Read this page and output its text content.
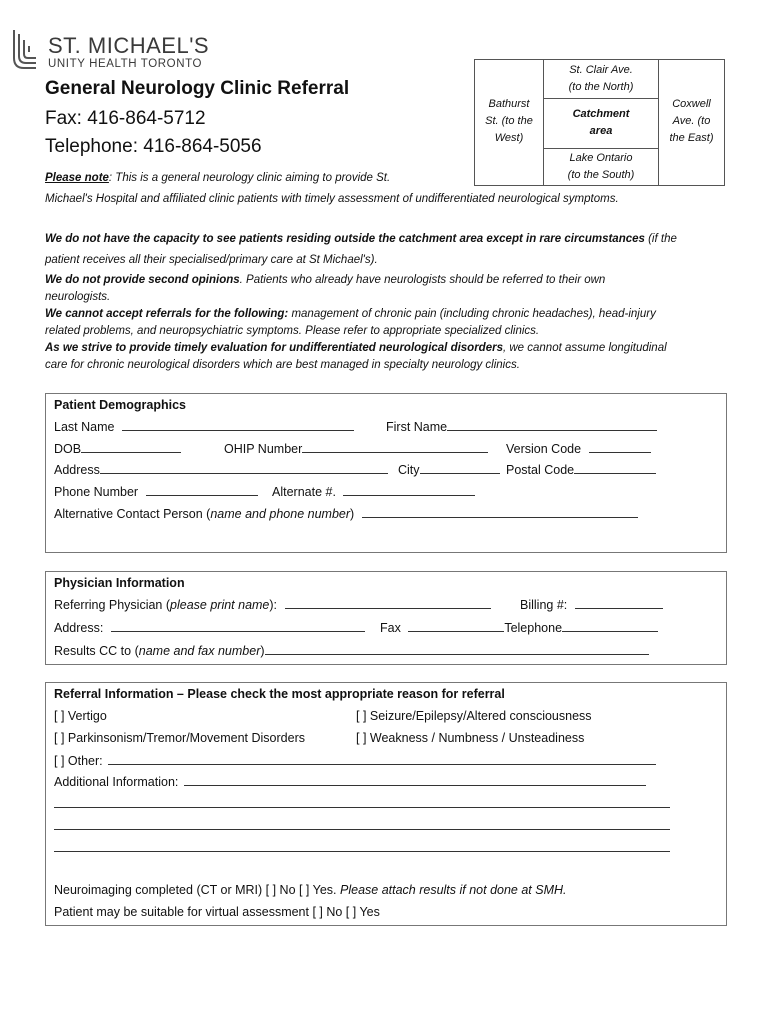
ST. MICHAEL'S
UNITY HEALTH TORONTO
General Neurology Clinic Referral
Fax: 416-864-5712
Telephone: 416-864-5056
St. Clair Ave.
(to the North)
Bathurst
St. (to the
West)
Catchment
area
Coxwell
Ave. (to
the East)
Lake Ontario
(to the South)
Please note: This is a general neurology clinic aiming to provide St.
Michael's Hospital and affiliated clinic patients with timely assessment of undifferentiated neurological symptoms.
We do not have the capacity to see patients residing outside the catchment area except in rare circumstances (if the
patient receives all their specialised/primary care at St Michael's).
We do not provide second opinions. Patients who already have neurologists should be referred to their own
neurologists.
We cannot accept referrals for the following: management of chronic pain (including chronic headaches), head-injury
related problems, and neuropsychiatric symptoms. Please refer to appropriate specialized clinics.
As we strive to provide timely evaluation for undifferentiated neurological disorders, we cannot assume longitudinal
care for chronic neurological disorders which are best managed in specialty neurology clinics.
Patient Demographics
Last Name	First Name
DOB	OHIP Number	Version Code
Address	City	Postal Code
Phone Number	Alternate #.
Alternative Contact Person (name and phone number)
Physician Information
Referring Physician (please print name):	Billing #:
Address:	Fax	Telephone
Results CC to (name and fax number)
Referral Information – Please check the most appropriate reason for referral
[ ] Vertigo	[ ] Seizure/Epilepsy/Altered consciousness
[ ] Parkinsonism/Tremor/Movement Disorders	[ ] Weakness / Numbness / Unsteadiness
[ ] Other:
Additional Information:
Neuroimaging completed (CT or MRI) [ ] No [ ] Yes. Please attach results if not done at SMH.
Patient may be suitable for virtual assessment [ ] No [ ] Yes
